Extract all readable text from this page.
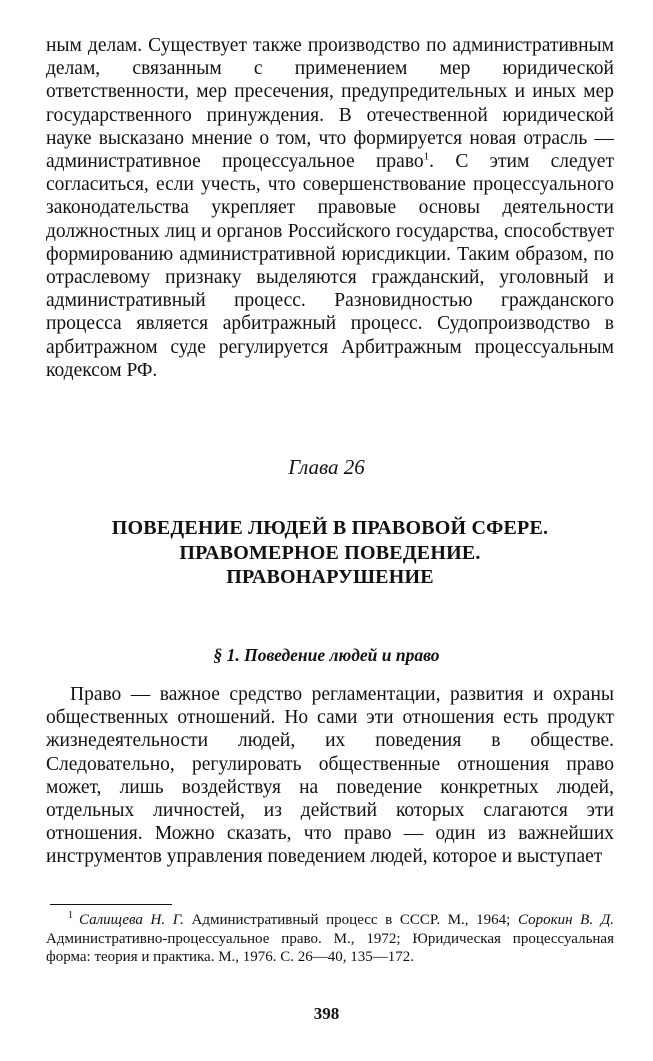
ным делам. Существует также производство по административным делам, связанным с применением мер юридической ответственности, мер пресечения, предупредительных и иных мер государственного принуждения. В отечественной юридической науке высказано мнение о том, что формируется новая отрасль — административное процессуальное право$^1$. С этим следует согласиться, если учесть, что совершенствование процессуального законодательства укрепляет правовые основы деятельности должностных лиц и органов Российского государства, способствует формированию административной юрисдикции. Таким образом, по отраслевому признаку выделяются гражданский, уголовный и административный процесс. Разновидностью гражданского процесса является арбитражный процесс. Судопроизводство в арбитражном суде регулируется Арбитражным процессуальным кодексом РФ.

Глава 26
ПОВЕДЕНИЕ ЛЮДЕЙ В ПРАВОВОЙ СФЕРЕ.
ПРАВОМЕРНОЕ ПОВЕДЕНИЕ.
ПРАВОНАРУШЕНИЕ
§ 1. Поведение людей и право

Право — важное средство регламентации, развития и охраны общественных отношений. Но сами эти отношения есть продукт жизнедеятельности людей, их поведения в обществе. Следовательно, регулировать общественные отношения право может, лишь воздействуя на поведение конкретных людей, отдельных личностей, из действий которых слагаются эти отношения. Можно сказать, что право — один из важнейших инструментов управления поведением людей, которое и выступает

$^1$ Салищева Н. Г. Административный процесс в СССР. М., 1964; Сорокин В. Д. Административно-процессуальное право. М., 1972; Юридическая процессуальная форма: теория и практика. М., 1976. С. 26—40, 135—172.
398
